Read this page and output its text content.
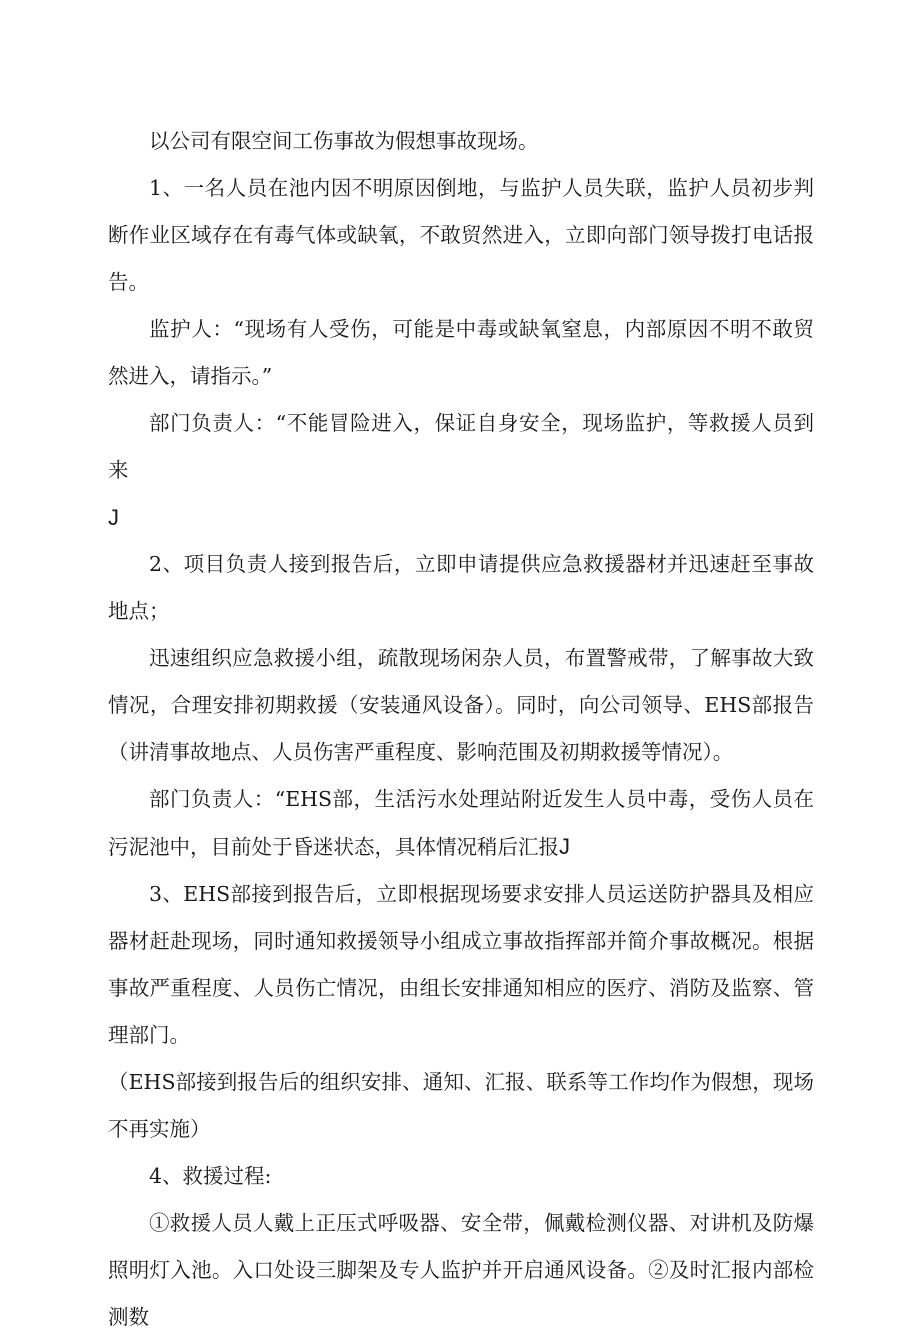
以公司有限空间工伤事故为假想事故现场。

1、一名人员在池内因不明原因倒地，与监护人员失联，监护人员初步判断作业区域存在有毒气体或缺氧，不敢贸然进入，立即向部门领导拨打电话报告。

监护人：“现场有人受伤，可能是中毒或缺氧窒息，内部原因不明不敢贸然进入，请指示。”

部门负责人：“不能冒险进入，保证自身安全，现场监护，等救援人员到来

J

2、项目负责人接到报告后，立即申请提供应急救援器材并迅速赶至事故地点；

迅速组织应急救援小组，疏散现场闲杂人员，布置警戒带，了解事故大致情况，合理安排初期救援（安装通风设备）。同时，向公司领导、EHS部报告（讲清事故地点、人员伤害严重程度、影响范围及初期救援等情况）。

部门负责人：“EHS部，生活污水处理站附近发生人员中毒，受伤人员在污泥池中，目前处于昏迷状态，具体情况稍后汇报J

3、EHS部接到报告后，立即根据现场要求安排人员运送防护器具及相应器材赶赴现场，同时通知救援领导小组成立事故指挥部并简介事故概况。根据事故严重程度、人员伤亡情况，由组长安排通知相应的医疗、消防及监察、管理部门。

（EHS部接到报告后的组织安排、通知、汇报、联系等工作均作为假想，现场不再实施）

4、救援过程:

①救援人员人戴上正压式呼吸器、安全带，佩戴检测仪器、对讲机及防爆照明灯入池。入口处设三脚架及专人监护并开启通风设备。②及时汇报内部检测数
